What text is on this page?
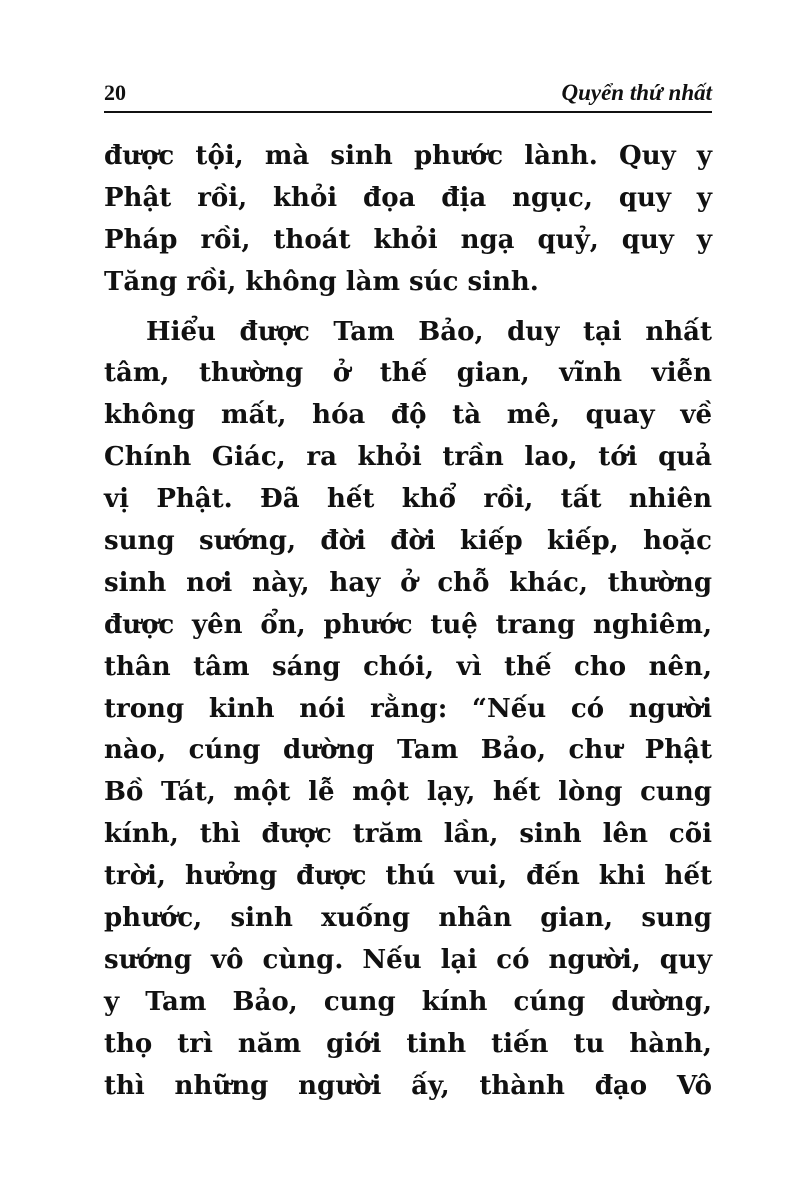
20	Quyển thứ nhất
được tội, mà sinh phước lành. Quy y
Phật rồi, khỏi đọa địa ngục, quy y
Pháp rồi, thoát khỏi ngạ quỷ, quy y
Tăng rồi, không làm súc sinh.
Hiểu được Tam Bảo, duy tại nhất
tâm, thường ở thế gian, vĩnh viễn
không mất, hóa độ tà mê, quay về
Chính Giác, ra khỏi trần lao, tới quả
vị Phật. Đã hết khổ rồi, tất nhiên
sung sướng, đời đời kiếp kiếp, hoặc
sinh nơi này, hay ở chỗ khác, thường
được yên ổn, phước tuệ trang nghiêm,
thân tâm sáng chói, vì thế cho nên,
trong kinh nói rằng: “Nếu có người
nào, cúng dường Tam Bảo, chư Phật
Bồ Tát, một lễ một lạy, hết lòng cung
kính, thì được trăm lần, sinh lên cõi
trời, hưởng được thú vui, đến khi hết
phước, sinh xuống nhân gian, sung
sướng vô cùng. Nếu lại có người, quy
y Tam Bảo, cung kính cúng dường,
thọ trì năm giới tinh tiến tu hành,
thì những người ấy, thành đạo Vô
